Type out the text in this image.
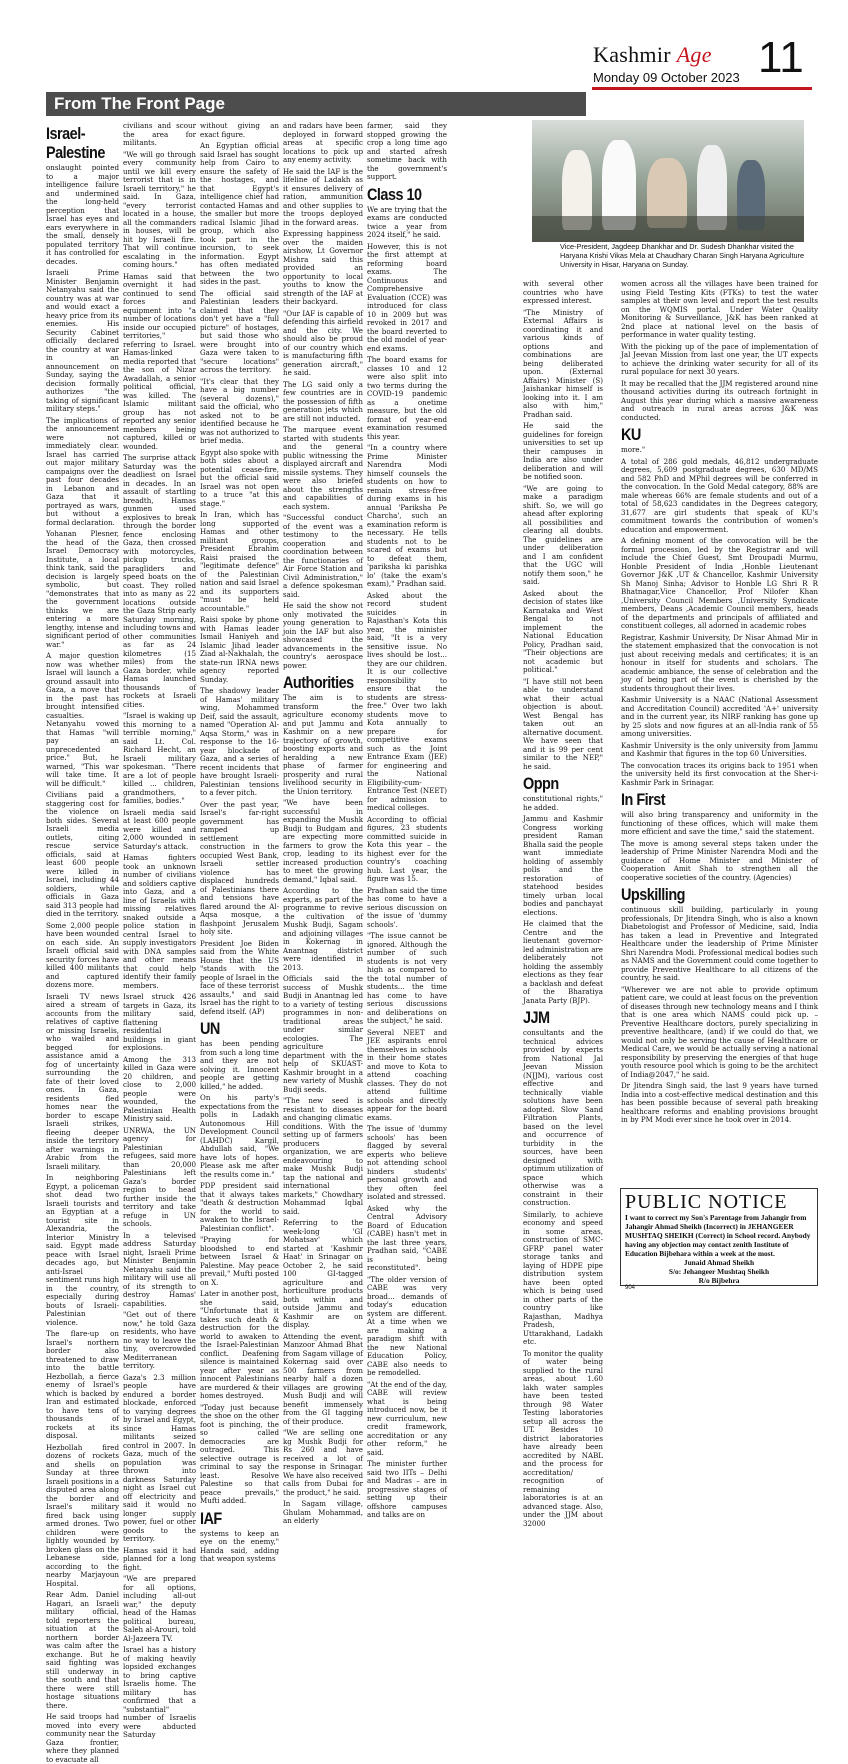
Kashmir Age
Monday 09 October 2023 11
From The Front Page
Israel-Palestine

onslaught pointed to a major intelligence failure and undermined the long-held perception that Israel has eyes and ears everywhere in the small, densely populated territory it has controlled for decades.

Israeli Prime Minister Benjamin Netanyahu said the country was at war and would exact a heavy price from its enemies. His Security Cabinet officially declared the country at war in an announcement on Sunday, saying the decision formally authorizes "the taking of significant military steps."

The implications of the announcement were not immediately clear. Israel has carried out major military campaigns over the past four decades in Lebanon and Gaza that it portrayed as wars, but without a formal declaration.

Yohanan Plesner, the head of the Israel Democracy Institute, a local think tank, said the decision is largely symbolic, but "demonstrates that the government thinks we are entering a more lengthy, intense and significant period of war."

A major question now was whether Israel will launch a ground assault into Gaza, a move that in the past has brought intensified casualties. Netanyahu vowed that Hamas "will pay an unprecedented price." But, he warned, "This war will take time. It will be difficult."

Civilians paid a staggering cost for the violence on both sides. Several Israeli media outlets, citing rescue service officials, said at least 600 people were killed in Israel, including 44 soldiers, while officials in Gaza said 313 people had died in the territory.

Some 2,000 people have been wounded on each side. An Israeli official said security forces have killed 400 militants and captured dozens more.

Israeli TV news aired a stream of accounts from the relatives of captive or missing Israelis, who wailed and begged for assistance amid a fog of uncertainty surrounding the fate of their loved ones. In Gaza, residents fled homes near the border to escape Israeli strikes, fleeing deeper inside the territory after warnings in Arabic from the Israeli military.

In neighboring Egypt, a policeman shot dead two Israeli tourists and an Egyptian at a tourist site in Alexandria, the Interior Ministry said. Egypt made peace with Israel decades ago, but anti-Israel sentiment runs high in the country, especially during bouts of Israeli-Palestinian violence.

The flare-up on Israel's northern border also threatened to draw into the battle Hezbollah, a fierce enemy of Israel's which is backed by Iran and estimated to have tens of thousands of rockets at its disposal.

Hezbollah fired dozens of rockets and shells on Sunday at three Israeli positions in a disputed area along the border and Israel's military fired back using armed drones. Two children were lightly wounded by broken glass on the Lebanese side, according to the nearby Marjayoun Hospital.

Rear Adm. Daniel Hagari, an Israeli military official, told reporters the situation at the northern border was calm after the exchange. But he said fighting was still underway in the south and that there were still hostage situations there.

He said troops had moved into every community near the Gaza frontier, where they planned to evacuate all

civilians and scour the area for militants.

"We will go through every community until we kill every terrorist that is in Israeli territory," he said. In Gaza, "every terrorist located in a house, all the commanders in houses, will be hit by Israeli fire. That will continue escalating in the coming hours."

Hamas said that overnight it had continued to send forces and equipment into "a number of locations inside our occupied territories," referring to Israel. Hamas-linked media reported that the son of Nizar Awadallah, a senior political official, was killed. The Islamic militant group has not reported any senior members being captured, killed or wounded.

The surprise attack Saturday was the deadliest on Israel in decades. In an assault of startling breadth, Hamas gunmen used explosives to break through the border fence enclosing Gaza, then crossed with motorcycles, pickup trucks, paragliders and speed boats on the coast. They rolled into as many as 22 locations outside the Gaza Strip early Saturday morning, including towns and other communities as far as 24 kilometres (15 miles) from the Gaza border, while Hamas launched thousands of rockets at Israeli cities.

"Israel is waking up this morning to a terrible morning," said Lt. Col. Richard Hecht, an Israeli military spokesman. "There are a lot of people killed ... children, grandmothers, families, bodies."

Israeli media said at least 600 people were killed and 2,000 wounded in Saturday's attack.

Hamas fighters took an unknown number of civilians and soldiers captive into Gaza, and a line of Israelis with missing relatives snaked outside a police station in central Israel to supply investigators with DNA samples and other means that could help identify their family members.

Israel struck 426 targets in Gaza, its military said, flattening residential buildings in giant explosions.

Among the 313 killed in Gaza were 20 children, and close to 2,000 people were wounded, the Palestinian Health Ministry said.

UNRWA, the UN agency for Palestinian refugees, said more than 20,000 Palestinians left Gaza's border region to head further inside the territory and take refuge in UN schools.

In a televised address Saturday night, Israeli Prime Minister Benjamin Netanyahu said the military will use all of its strength to destroy Hamas' capabilities.

"Get out of there now," he told Gaza residents, who have no way to leave the tiny, overcrowded Mediterranean territory.

Gaza's 2.3 million people have endured a border blockade, enforced to varying degrees by Israel and Egypt, since Hamas militants seized control in 2007. In Gaza, much of the population was thrown into darkness Saturday night as Israel cut off electricity and said it would no longer supply power, fuel or other goods to the territory.

Hamas said it had planned for a long fight.

"We are prepared for all options, including all-out war," the deputy head of the Hamas political bureau, Saleh al-Arouri, told Al-Jazeera TV.

Israel has a history of making heavily lopsided exchanges to bring captive Israelis home. The military has confirmed that a "substantial" number of Israelis were abducted Saturday

without giving an exact figure.

An Egyptian official said Israel has sought help from Cairo to ensure the safety of the hostages, and that Egypt's intelligence chief had contacted Hamas and the smaller but more radical Islamic Jihad group, which also took part in the incursion, to seek information. Egypt has often mediated between the two sides in the past.

The official said Palestinian leaders claimed that they don't yet have a "full picture" of hostages, but said those who were brought into Gaza were taken to "secure locations" across the territory.

"It's clear that they have a big number (several dozens)," said the official, who asked not to be identified because he was not authorized to brief media.

Egypt also spoke with both sides about a potential cease-fire, but the official said Israel was not open to a truce "at this stage."

In Iran, which has long supported Hamas and other militant groups, President Ebrahim Raisi praised the "legitimate defence" of the Palestinian nation and said Israel and its supporters "must be held accountable."

Raisi spoke by phone with Hamas leader Ismail Haniyeh and Islamic Jihad leader Ziad al-Nakhalah, the state-run IRNA news agency reported Sunday.

The shadowy leader of Hamas' military wing, Mohammed Deif, said the assault, named "Operation Al-Aqsa Storm," was in response to the 16-year blockade of Gaza, and a series of recent incidents that have brought Israeli-Palestinian tensions to a fever pitch.

Over the past year, Israel's far-right government has ramped up settlement construction in the occupied West Bank, Israeli settler violence has displaced hundreds of Palestinians there and tensions have flared around the Al-Aqsa mosque, a flashpoint Jerusalem holy site.

President Joe Biden said from the White House that the US "stands with the people of Israel in the face of these terrorist assaults," and said Israel has the right to defend itself. (AP)

UN

has been pending from such a long time and they are not solving it. Innocent people are getting killed," he added.

On his party's expectations from the polls in Ladakh Autonomous Hill Development Council (LAHDC) Kargil, Abdullah said, "We have lots of hopes. Please ask me after the results come in."

PDP president said that it always takes "death & destruction for the world to awaken to the Israel-Palestinian conflict".

"Praying for bloodshed to end between Israel & Palestine. May peace prevail," Mufti posted on X.

Later in another post, she said, "Unfortunate that it takes such death & destruction for the world to awaken to the Israel-Palestinian conflict. Deafening silence is maintained year after year as innocent Palestinians are murdered & their homes destroyed.

"Today just because the shoe on the other foot is pinching, the so called democracies are outraged. This selective outrage is criminal to say the least. Resolve Palestine so that peace prevails," Mufti added.

IAF

systems to keep an eye on the enemy," Handa said, adding that weapon systems

and radars have been deployed in forward areas at specific locations to pick up any enemy activity.

He said the IAF is the lifeline of Ladakh as it ensures delivery of ration, ammunition and other supplies to the troops deployed in the forward areas.

Expressing happiness over the maiden airshow, Lt Governor Mishra said this provided an opportunity to local youths to know the strength of the IAF at their backyard.

"Our IAF is capable of defending this airfield and the city. We should also be proud of our country which is manufacturing fifth generation aircraft," he said.

The LG said only a few countries are in the possession of fifth generation jets which are still not inducted.

The marquee event started with students and the general public witnessing the displayed aircraft and missile systems. They were also briefed about the strengths and capabilities of each system.

"Successful conduct of the event was a testimony to the cooperation and coordination between the functionaries of Air Force Station and Civil Administration," a defence spokesman said.

He said the show not only motivated the young generation to join the IAF but also showcased the advancements in the country's aerospace power.

Authorities

The aim is to transform the agriculture economy and put Jammu and Kashmir on a new trajectory of growth, boosting exports and heralding a new phase of farmer prosperity and rural livelihood security in the Union territory.

"We have been successful in expanding the Mushk Budji to Budgam and are expecting more farmers to grow the crop, leading to its increased production to meet the growing demand," Iqbal said.

According to the experts, as part of the programme to revive the cultivation of Mushk Budji, Sagam and adjoining villages in Kokernag in Anantnag district were identified in 2013.

Officials said the success of Mushk Budji in Anantnag led to a variety of testing programmes in non-traditional areas under similar ecologies. The agriculture department with the help of SKUAST-Kashmir brought in a new variety of Mushk Budji seeds.

"The new seed is resistant to diseases and changing climatic conditions. With the setting up of farmers producers organization, we are endeavouring to make Mushk Budji tap the national and international markets," Chowdhary Mohammad Iqbal said.

Referring to the week-long 'GI Mohatsav' which started at 'Kashmir Haat' in Srinagar on October 2, he said 100 GI-tagged agriculture and horticulture products both within and outside Jammu and Kashmir are on display.

Attending the event, Manzoor Ahmad Bhat from Sagam village of Kokernag said over 500 farmers from nearby half a dozen villages are growing Mush Budji and will benefit immensely from the GI tagging of their produce.

"We are selling one kg Mushk Budji for Rs 260 and have received a lot of response in Srinagar. We have also received calls from Dubai for the product," he said.

In Sagam village, Ghulam Mohammad, an elderly

farmer, said they stopped growing the crop a long time ago and started afresh sometime back with the government's support.

Class 10

We are trying that the exams are conducted twice a year from 2024 itself," he said.

However, this is not the first attempt at reforming board exams. The Continuous and Comprehensive Evaluation (CCE) was introduced for class 10 in 2009 but was revoked in 2017 and the board reverted to the old model of year-end exams.

The board exams for classes 10 and 12 were also split into two terms during the COVID-19 pandemic as a onetime measure, but the old format of year-end examination resumed this year.

"In a country where Prime Minister Narendra Modi himself counsels the students on how to remain stress-free during exams in his annual 'Pariksha Pe Charcha', such an examination reform is necessary. He tells students not to be scared of exams but to defeat them, 'pariksha ki parishka lo' (take the exam's exam)," Pradhan said.

Asked about the record student suicides in Rajasthan's Kota this year, the minister said, "It is a very sensitive issue. No lives should be lost... they are our children. It is our collective responsibility to ensure that the students are stress-free." Over two lakh students move to Kota annually to prepare for competitive exams such as the Joint Entrance Exam (JEE) for engineering and the National Eligibility-cum-Entrance Test (NEET) for admission to medical colleges.

According to official figures, 23 students committed suicide in Kota this year – the highest ever for the country's coaching hub. Last year, the figure was 15.

Pradhan said the time has come to have a serious discussion on the issue of 'dummy schools'.

"The issue cannot be ignored. Although the number of such students is not very high as compared to the total number of students... the time has come to have serious discussions and deliberations on the subject," he said.

Several NEET and JEE aspirants enrol themselves in schools in their home states and move to Kota to attend coaching classes. They do not attend fulltime schools and directly appear for the board exams.

The issue of 'dummy schools' has been flagged by several experts who believe not attending school hinders students' personal growth and they often feel isolated and stressed.

Asked why the Central Advisory Board of Education (CABE) hasn't met in the last three years, Pradhan said, "CABE is being reconstituted".

"The older version of CABE was very broad... demands of today's education system are different. At a time when we are making a paradigm shift with the new National Education Policy, CABE also needs to be remodelled.

"At the end of the day, CABE will review what is being introduced now, be it new curriculum, new credit framework, accreditation or any other reform," he said.

The minister further said two IITs – Delhi and Madras – are in progressive stages of setting up their offshore campuses and talks are on

Vice-President, Jagdeep Dhankhar and Dr. Sudesh Dhankhar visited the Haryana Krishi Vikas Mela at Chaudhary Charan Singh Haryana Agriculture University in Hisar, Haryana on Sunday.

with several other countries who have expressed interest.

"The Ministry of External Affairs is coordinating it and various kinds of options and combinations are being deliberated upon. (External Affairs) Minister (S) Jaishankar himself is looking into it. I am also with him," Pradhan said.

He said the guidelines for foreign universities to set up their campuses in India are also under deliberation and will be notified soon.

"We are going to make a paradigm shift. So, we will go ahead after exploring all possibilities and clearing all doubts. The guidelines are under deliberation and I am confident that the UGC will notify them soon," he said.

Asked about the decision of states like Karnataka and West Bengal to not implement the National Education Policy, Pradhan said, "Their objections are not academic but political."

"I have still not been able to understand what their actual objection is about. West Bengal has taken out an alternative document. We have seen that and it is 99 per cent similar to the NEP," he said.

Oppn

constitutional rights," he added.

Jammu and Kashmir Congress working president Raman Bhalla said the people want immediate holding of assembly polls and the restoration of statehood besides timely urban local bodies and panchayat elections.

He claimed that the Centre and the lieutenant governor-led administration are deliberately not holding the assembly elections as they fear a backlash and defeat of the Bharatiya Janata Party (BJP).

JJM

consultants and the technical advices provided by experts from National Jal Jeevan Mission (NJJM), various cost effective and technically viable solutions have been adopted. Slow Sand Filtration Plants, based on the level and occurrence of turbidity in the sources, have been designed with optimum utilization of space which otherwise was a constraint in their construction.

Similarly, to achieve economy and speed in some areas, construction of SMC-GFRP panel water storage tanks and laying of HDPE pipe distribution system have been opted which is being used in other parts of the country like Rajasthan, Madhya Pradesh, Uttarakhand, Ladakh etc.

To monitor the quality of water being supplied to the rural areas, about 1.60 lakh water samples have been tested through 98 Water Testing laboratories setup all across the UT. Besides 10 district laboratories have already been accredited by NABL and the process for accreditation/ recognition of remaining laboratories is at an advanced stage. Also, under the JJM about 32000

women across all the villages have been trained for using Field Testing Kits (FTKs) to test the water samples at their own level and report the test results on the WQMIS portal. Under Water Quality Monitoring & Surveillance, J&K has been ranked at 2nd place at national level on the basis of performance in water quality testing.

With the picking up of the pace of implementation of Jal Jeevan Mission from last one year, the UT expects to achieve the drinking water security for all of its rural populace for next 30 years.

It may be recalled that the JJM registered around nine thousand activities during its outreach fortnight in August this year during which a massive awareness and outreach in rural areas across J&K was conducted.

KU

more."

A total of 286 gold medals, 46,812 undergraduate degrees, 5,609 postgraduate degrees, 630 MD/MS and 582 PhD and MPhil degrees will be conferred in the convocation. In the Gold Medal category, 88% are male whereas 66% are female students and out of a total of 58,623 candidates in the Degrees category, 31,677 are girl students that speak of KU's commitment towards the contribution of women's education and empowerment.

A defining moment of the convocation will be the formal procession, led by the Registrar and will include the Chief Guest, Smt Droupadi Murmu, Honble President of India ,Honble Lieutenant Governor J&K ,UT & Chancellor, Kashmir University Sh Manoj Sinha; Advisor to Honble LG Shri R R Bhatnagar,Vice Chancellor, Prof Nilofer Khan ,University Council Members ,University Syndicate members, Deans ,Academic Council members, heads of the departments and principals of affiliated and constituent colleges, all adorned in academic robes

Registrar, Kashmir University, Dr Nisar Ahmad Mir in the statement emphasized that the convocation is not just about receiving medals and certificates; it is an honour in itself for students and scholars. The academic ambiance, the sense of celebration and the joy of being part of the event is cherished by the students throughout their lives.

Kashmir University is a NAAC (National Assessment and Accreditation Council) accredited 'A+' university and in the current year, its NIRF ranking has gone up by 25 slots and now figures at an all-India rank of 55 among universities.

Kashmir University is the only university from Jammu and Kashmir that figures in the top 60 Universities.

The convocation traces its origins back to 1951 when the university held its first convocation at the Sher-i-Kashmir Park in Srinagar.

In First

will also bring transparency and uniformity in the functioning of these offices, which will make them more efficient and save the time," said the statement.

The move is among several steps taken under the leadership of Prime Minister Narendra Modi and the guidance of Home Minister and Minister of Cooperation Amit Shah to strengthen all the cooperative societies of the country. (Agencies)

Upskilling

continuous skill building, particularly in young professionals, Dr Jitendra Singh, who is also a known Diabetologist and Professor of Medicine, said, India has taken a lead in Preventive and Integrated Healthcare under the leadership of Prime Minister Shri Narendra Modi. Professional medical bodies such as NAMS and the Government could come together to provide Preventive Healthcare to all citizens of the country, he said.

"Wherever we are not able to provide optimum patient care, we could at least focus on the prevention of diseases through new technology means and I think that is one area which NAMS could pick up. – Preventive Healthcare doctors, purely specializing in preventive healthcare, (and) if we could do that, we would not only be serving the cause of Healthcare or Medical Care, we would be actually serving a national responsibility by preserving the energies of that huge youth resource pool which is going to be the architect of India@2047," he said.

Dr Jitendra Singh said, the last 9 years have turned India into a cost-effective medical destination and this has been possible because of several path breaking healthcare reforms and enabling provisions brought in by PM Modi ever since he took over in 2014.

PUBLIC NOTICE
I want to correct my Son's Parentage from Jahangir from Jahangir Ahmad Sheikh (Incorrect) in JEHANGEER MUSHTAQ SHEIKH (Correct) in School record. Anybody having any objection may contact zenith Institute of Education Bijbehara within a week at the most.
Junaid Ahmad Sheikh
S/o: Jehangeer Mushtaq Sheikh
R/o Bijbehra
904
